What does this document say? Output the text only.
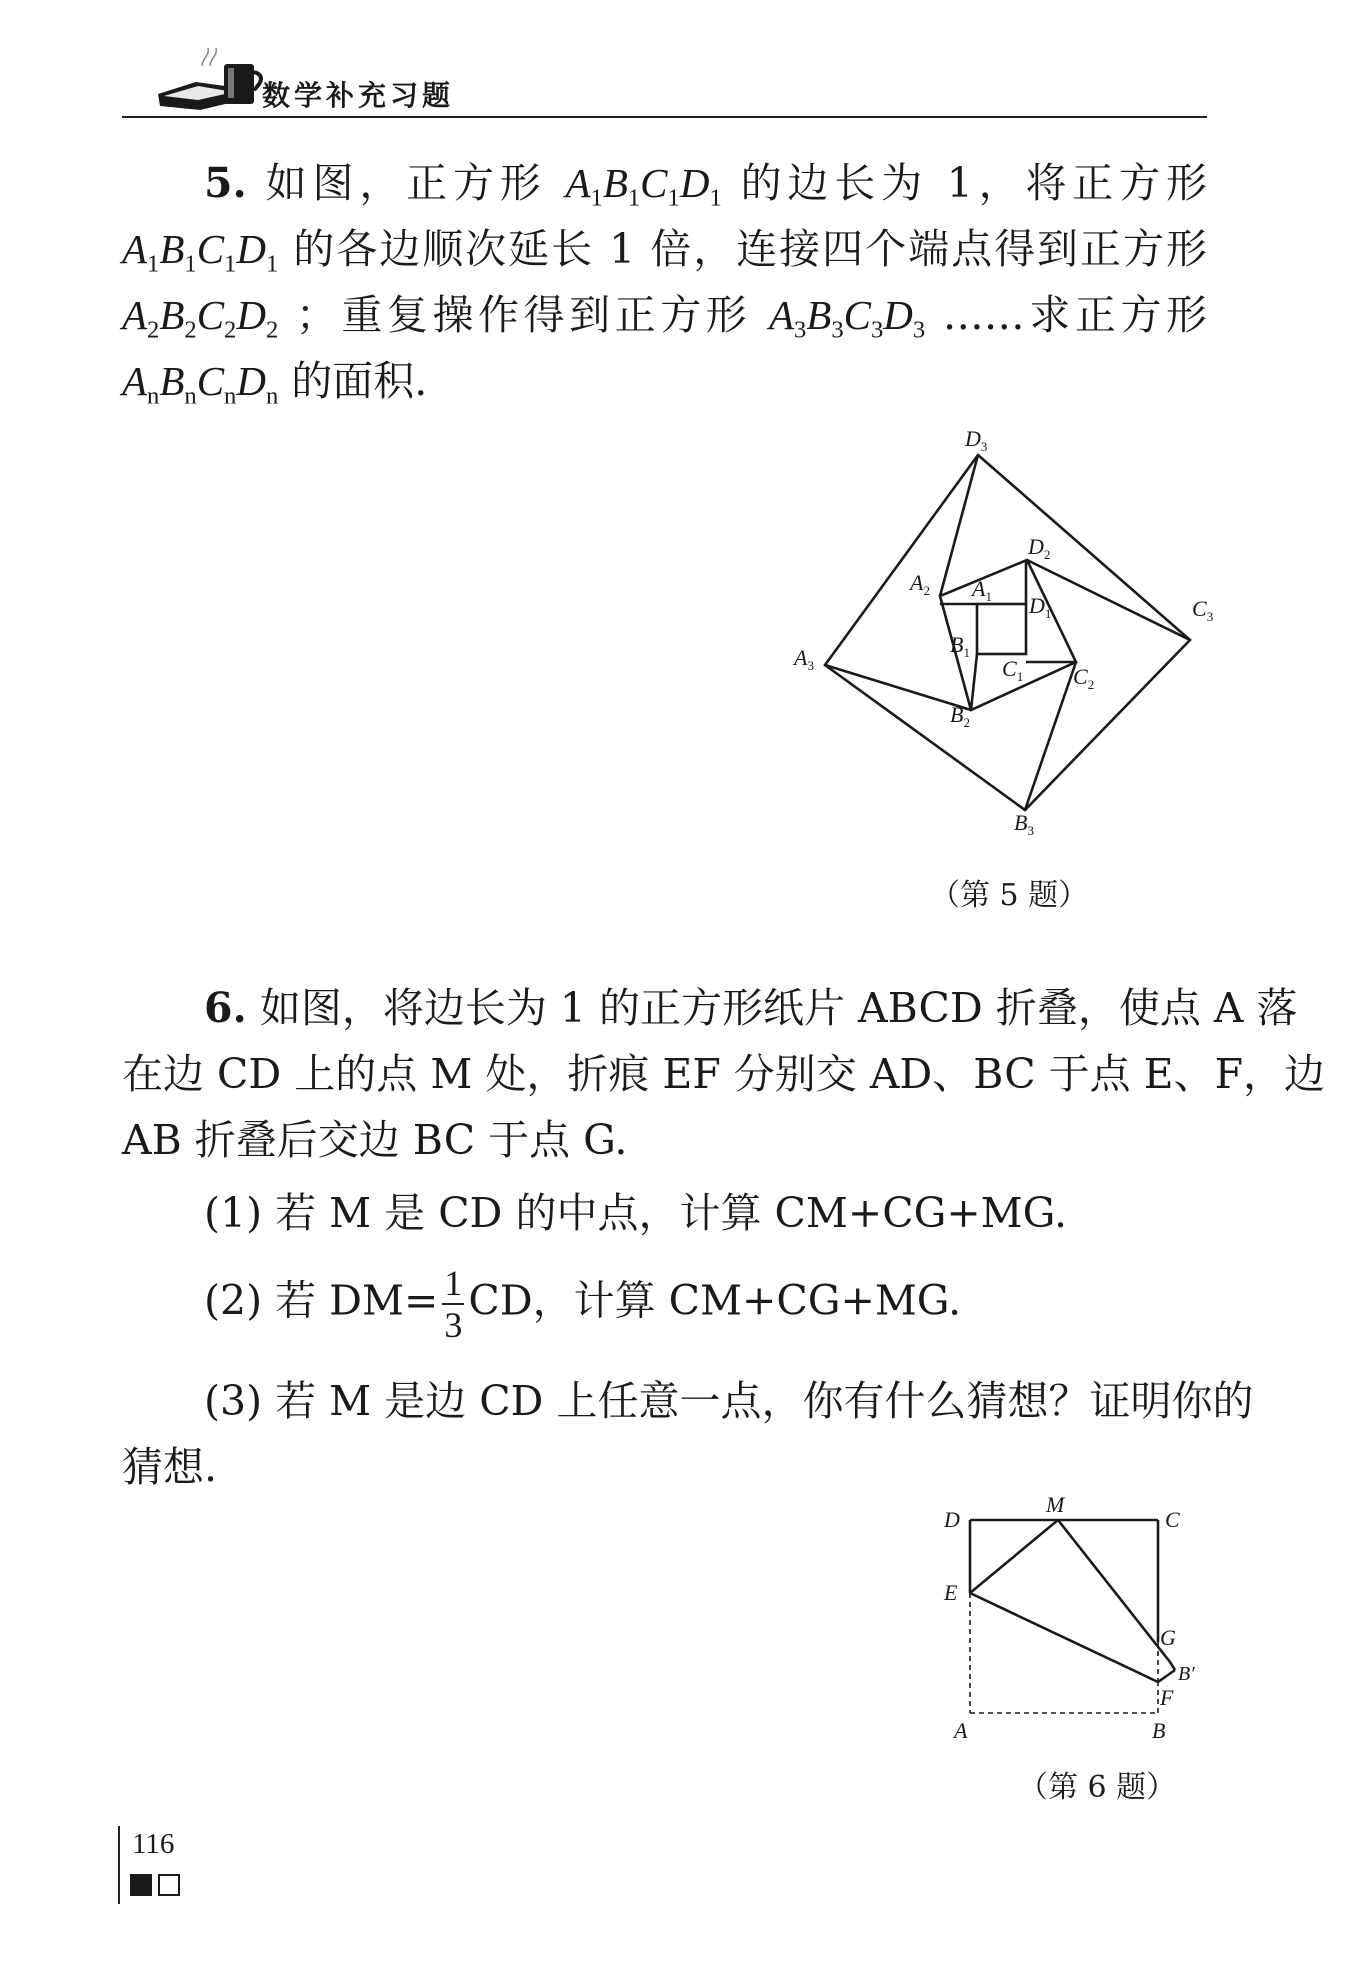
数学补充习题
5. 如图，正方形 $A_1B_1C_1D_1$ 的边长为 1，将正方形
$A_1B_1C_1D_1$ 的各边顺次延长 1 倍，连接四个端点得到正方形
$A_2B_2C_2D_2$ ；重复操作得到正方形 $A_3B_3C_3D_3$ ……求正方形
$A_nB_nC_nD_n$ 的面积.
$D_3$
$C_3$
$A_3$
$B_3$
$D_2$
$C_2$
$A_2$
$B_2$
$D_1$
$C_1$
$A_1$
$B_1$
（第 5 题）
6. 如图，将边长为 1 的正方形纸片 ABCD 折叠，使点 A 落
在边 CD 上的点 M 处，折痕 EF 分别交 AD、BC 于点 E、F，边
AB 折叠后交边 BC 于点 G.
(1) 若 M 是 CD 的中点，计算 CM+CG+MG.
(2) 若 $DM= \frac{1}{3}$ CD，计算 CM+CG+MG.
(3) 若 M 是边 CD 上任意一点，你有什么猜想？证明你的
猜想.
D
M
C
E
G
B′
F
A	B
（第 6 题）
116
